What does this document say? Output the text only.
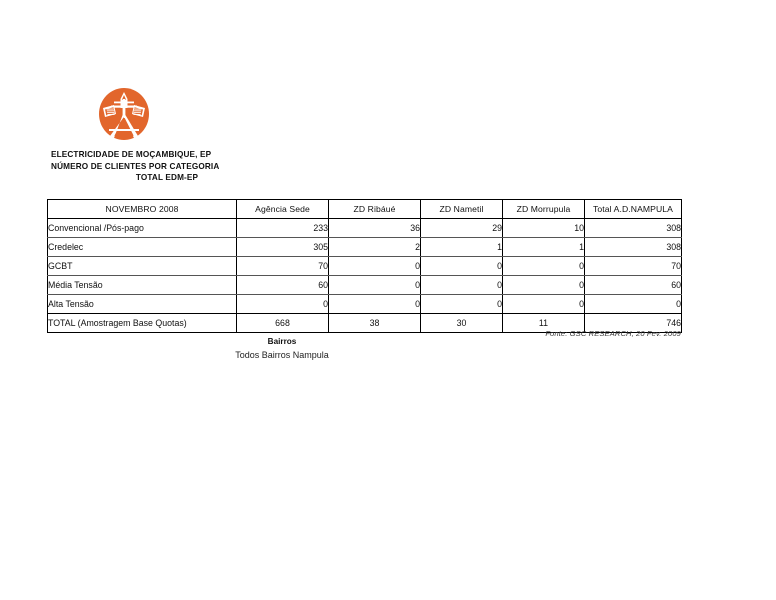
ELECTRICIDADE DE MOÇAMBIQUE, EP
NÚMERO DE CLIENTES POR CATEGORIA
TOTAL EDM-EP
NOVEMBRO 2008	Agência Sede	ZD Ribáué	ZD Nametil	ZD Morrupula	Total A.D.NAMPULA
Convencional /Pós-pago	233	36	29	10	308
Credelec	305	2	1	1	308
GCBT	70	0	0	0	70
Média Tensão	60	0	0	0	60
Alta Tensão	0	0	0	0	0
TOTAL (Amostragem Base Quotas)	668	38	30	11	746
Fonte: GSC RESEARCH, 20 Fev. 2009
Bairros
Todos Bairros Nampula
